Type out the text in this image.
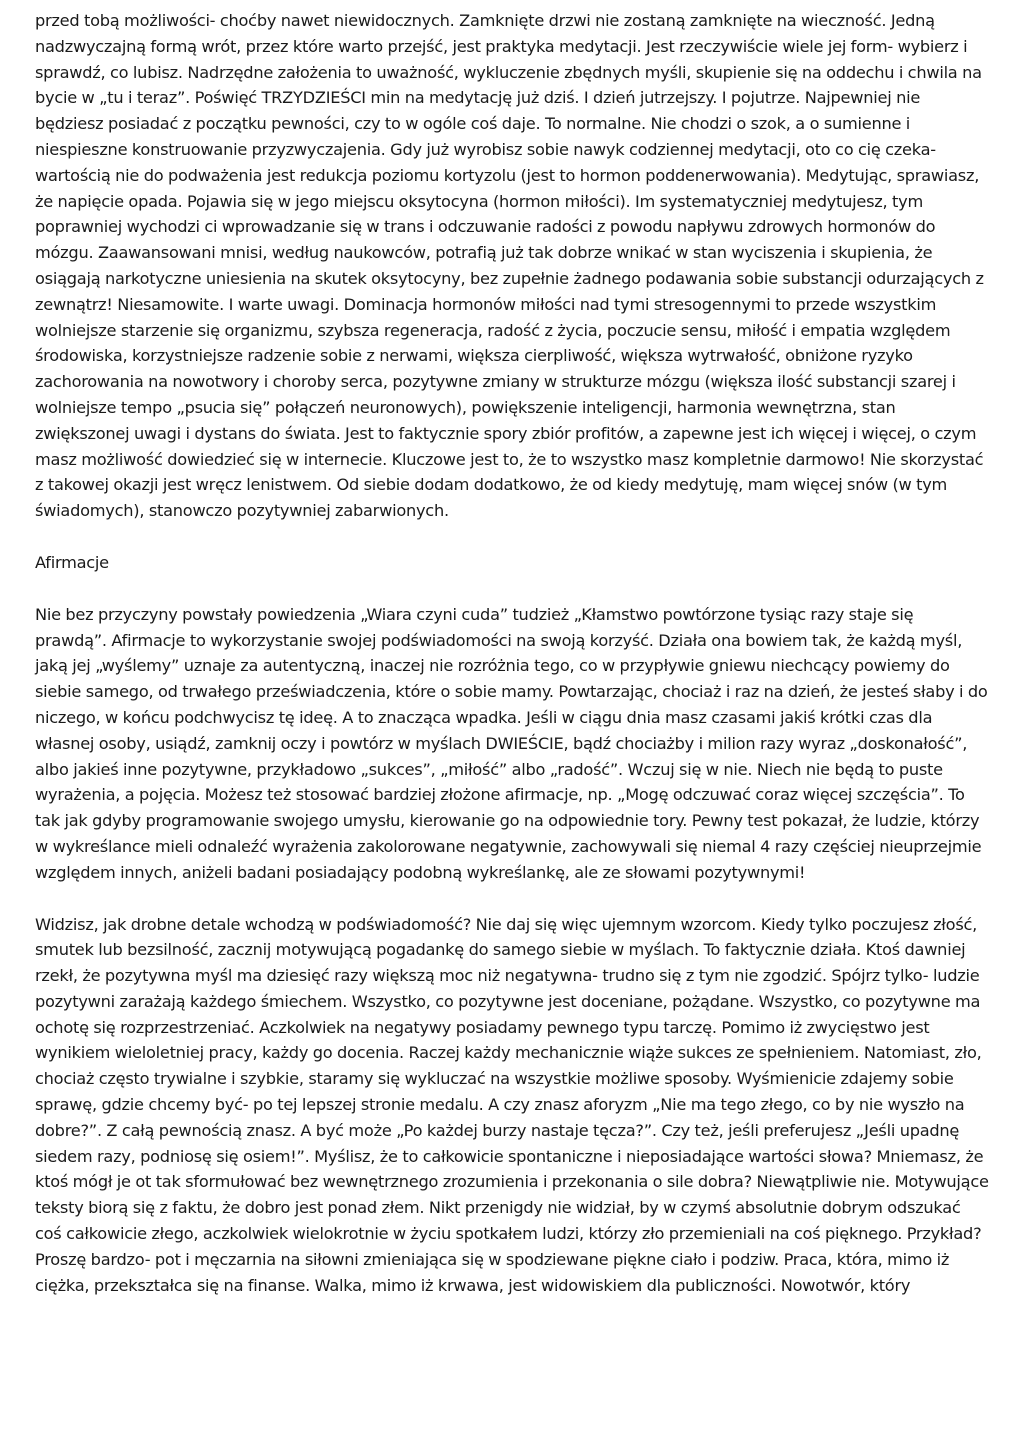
przed tobą możliwości- choćby nawet niewidocznych. Zamknięte drzwi nie zostaną zamknięte na wieczność. Jedną nadzwyczajną formą wrót, przez które warto przejść, jest praktyka medytacji. Jest rzeczywiście wiele jej form- wybierz i sprawdź, co lubisz. Nadrzędne założenia to uważność, wykluczenie zbędnych myśli, skupienie się na oddechu i chwila na bycie w „tu i teraz”. Poświęć TRZYDZIEŚCI min na medytację już dziś. I dzień jutrzejszy. I pojutrze. Najpewniej nie będziesz posiadać z początku pewności, czy to w ogóle coś daje. To normalne. Nie chodzi o szok, a o sumienne i niespieszne konstruowanie przyzwyczajenia. Gdy już wyrobisz sobie nawyk codziennej medytacji, oto co cię czeka- wartością nie do podważenia jest redukcja poziomu kortyzolu (jest to hormon poddenerwowania). Medytując, sprawiasz, że napięcie opada. Pojawia się w jego miejscu oksytocyna (hormon miłości). Im systematyczniej medytujesz, tym poprawniej wychodzi ci wprowadzanie się w trans i odczuwanie radości z powodu napływu zdrowych hormonów do mózgu. Zaawansowani mnisi, według naukowców, potrafią już tak dobrze wnikać w stan wyciszenia i skupienia, że osiągają narkotyczne uniesienia na skutek oksytocyny, bez zupełnie żadnego podawania sobie substancji odurzających z zewnątrz! Niesamowite. I warte uwagi. Dominacja hormonów miłości nad tymi stresogennymi to przede wszystkim wolniejsze starzenie się organizmu, szybsza regeneracja, radość z życia, poczucie sensu, miłość i empatia względem środowiska, korzystniejsze radzenie sobie z nerwami, większa cierpliwość, większa wytrwałość, obniżone ryzyko zachorowania na nowotwory i choroby serca, pozytywne zmiany w strukturze mózgu (większa ilość substancji szarej i wolniejsze tempo „psucia się” połączeń neuronowych), powiększenie inteligencji, harmonia wewnętrzna, stan zwiększonej uwagi i dystans do świata. Jest to faktycznie spory zbiór profitów, a zapewne jest ich więcej i więcej, o czym masz możliwość dowiedzieć się w internecie. Kluczowe jest to, że to wszystko masz kompletnie darmowo! Nie skorzystać z takowej okazji jest wręcz lenistwem. Od siebie dodam dodatkowo, że od kiedy medytuję, mam więcej snów (w tym świadomych), stanowczo pozytywniej zabarwionych.

Afirmacje

Nie bez przyczyny powstały powiedzenia „Wiara czyni cuda” tudzież „Kłamstwo powtórzone tysiąc razy staje się prawdą”. Afirmacje to wykorzystanie swojej podświadomości na swoją korzyść. Działa ona bowiem tak, że każdą myśl, jaką jej „wyślemy” uznaje za autentyczną, inaczej nie rozróżnia tego, co w przypływie gniewu niechcący powiemy do siebie samego, od trwałego przeświadczenia, które o sobie mamy. Powtarzając, chociaż i raz na dzień, że jesteś słaby i do niczego, w końcu podchwycisz tę ideę. A to znacząca wpadka. Jeśli w ciągu dnia masz czasami jakiś krótki czas dla własnej osoby, usiądź, zamknij oczy i powtórz w myślach DWIEŚCIE, bądź chociażby i milion razy wyraz „doskonałość”, albo jakieś inne pozytywne, przykładowo „sukces”, „miłość” albo „radość”. Wczuj się w nie. Niech nie będą to puste wyrażenia, a pojęcia. Możesz też stosować bardziej złożone afirmacje, np. „Mogę odczuwać coraz więcej szczęścia”. To tak jak gdyby programowanie swojego umysłu, kierowanie go na odpowiednie tory. Pewny test pokazał, że ludzie, którzy w wykreślance mieli odnaleźć wyrażenia zakolorowane negatywnie, zachowywali się niemal 4 razy częściej nieuprzejmie względem innych, aniżeli badani posiadający podobną wykreślankę, ale ze słowami pozytywnymi!

Widzisz, jak drobne detale wchodzą w podświadomość? Nie daj się więc ujemnym wzorcom. Kiedy tylko poczujesz złość, smutek lub bezsilność, zacznij motywującą pogadankę do samego siebie w myślach. To faktycznie działa. Ktoś dawniej rzekł, że pozytywna myśl ma dziesięć razy większą moc niż negatywna- trudno się z tym nie zgodzić. Spójrz tylko- ludzie pozytywni zarażają każdego śmiechem. Wszystko, co pozytywne jest doceniane, pożądane. Wszystko, co pozytywne ma ochotę się rozprzestrzeniać. Aczkolwiek na negatywy posiadamy pewnego typu tarczę. Pomimo iż zwycięstwo jest wynikiem wieloletniej pracy, każdy go docenia. Raczej każdy mechanicznie wiąże sukces ze spełnieniem. Natomiast, zło, chociaż często trywialne i szybkie, staramy się wykluczać na wszystkie możliwe sposoby. Wyśmienicie zdajemy sobie sprawę, gdzie chcemy być- po tej lepszej stronie medalu. A czy znasz aforyzm „Nie ma tego złego, co by nie wyszło na dobre?”. Z całą pewnością znasz. A być może „Po każdej burzy nastaje tęcza?”. Czy też, jeśli preferujesz „Jeśli upadnę siedem razy, podniosę się osiem!”. Myślisz, że to całkowicie spontaniczne i nieposiadające wartości słowa? Mniemasz, że ktoś mógł je ot tak sformułować bez wewnętrznego zrozumienia i przekonania o sile dobra? Niewątpliwie nie. Motywujące teksty biorą się z faktu, że dobro jest ponad złem. Nikt przenigdy nie widział, by w czymś absolutnie dobrym odszukać coś całkowicie złego, aczkolwiek wielokrotnie w życiu spotkałem ludzi, którzy zło przemieniali na coś pięknego. Przykład? Proszę bardzo- pot i męczarnia na siłowni zmieniająca się w spodziewane piękne ciało i podziw. Praca, która, mimo iż ciężka, przekształca się na finanse. Walka, mimo iż krwawa, jest widowiskiem dla publiczności. Nowotwór, który
